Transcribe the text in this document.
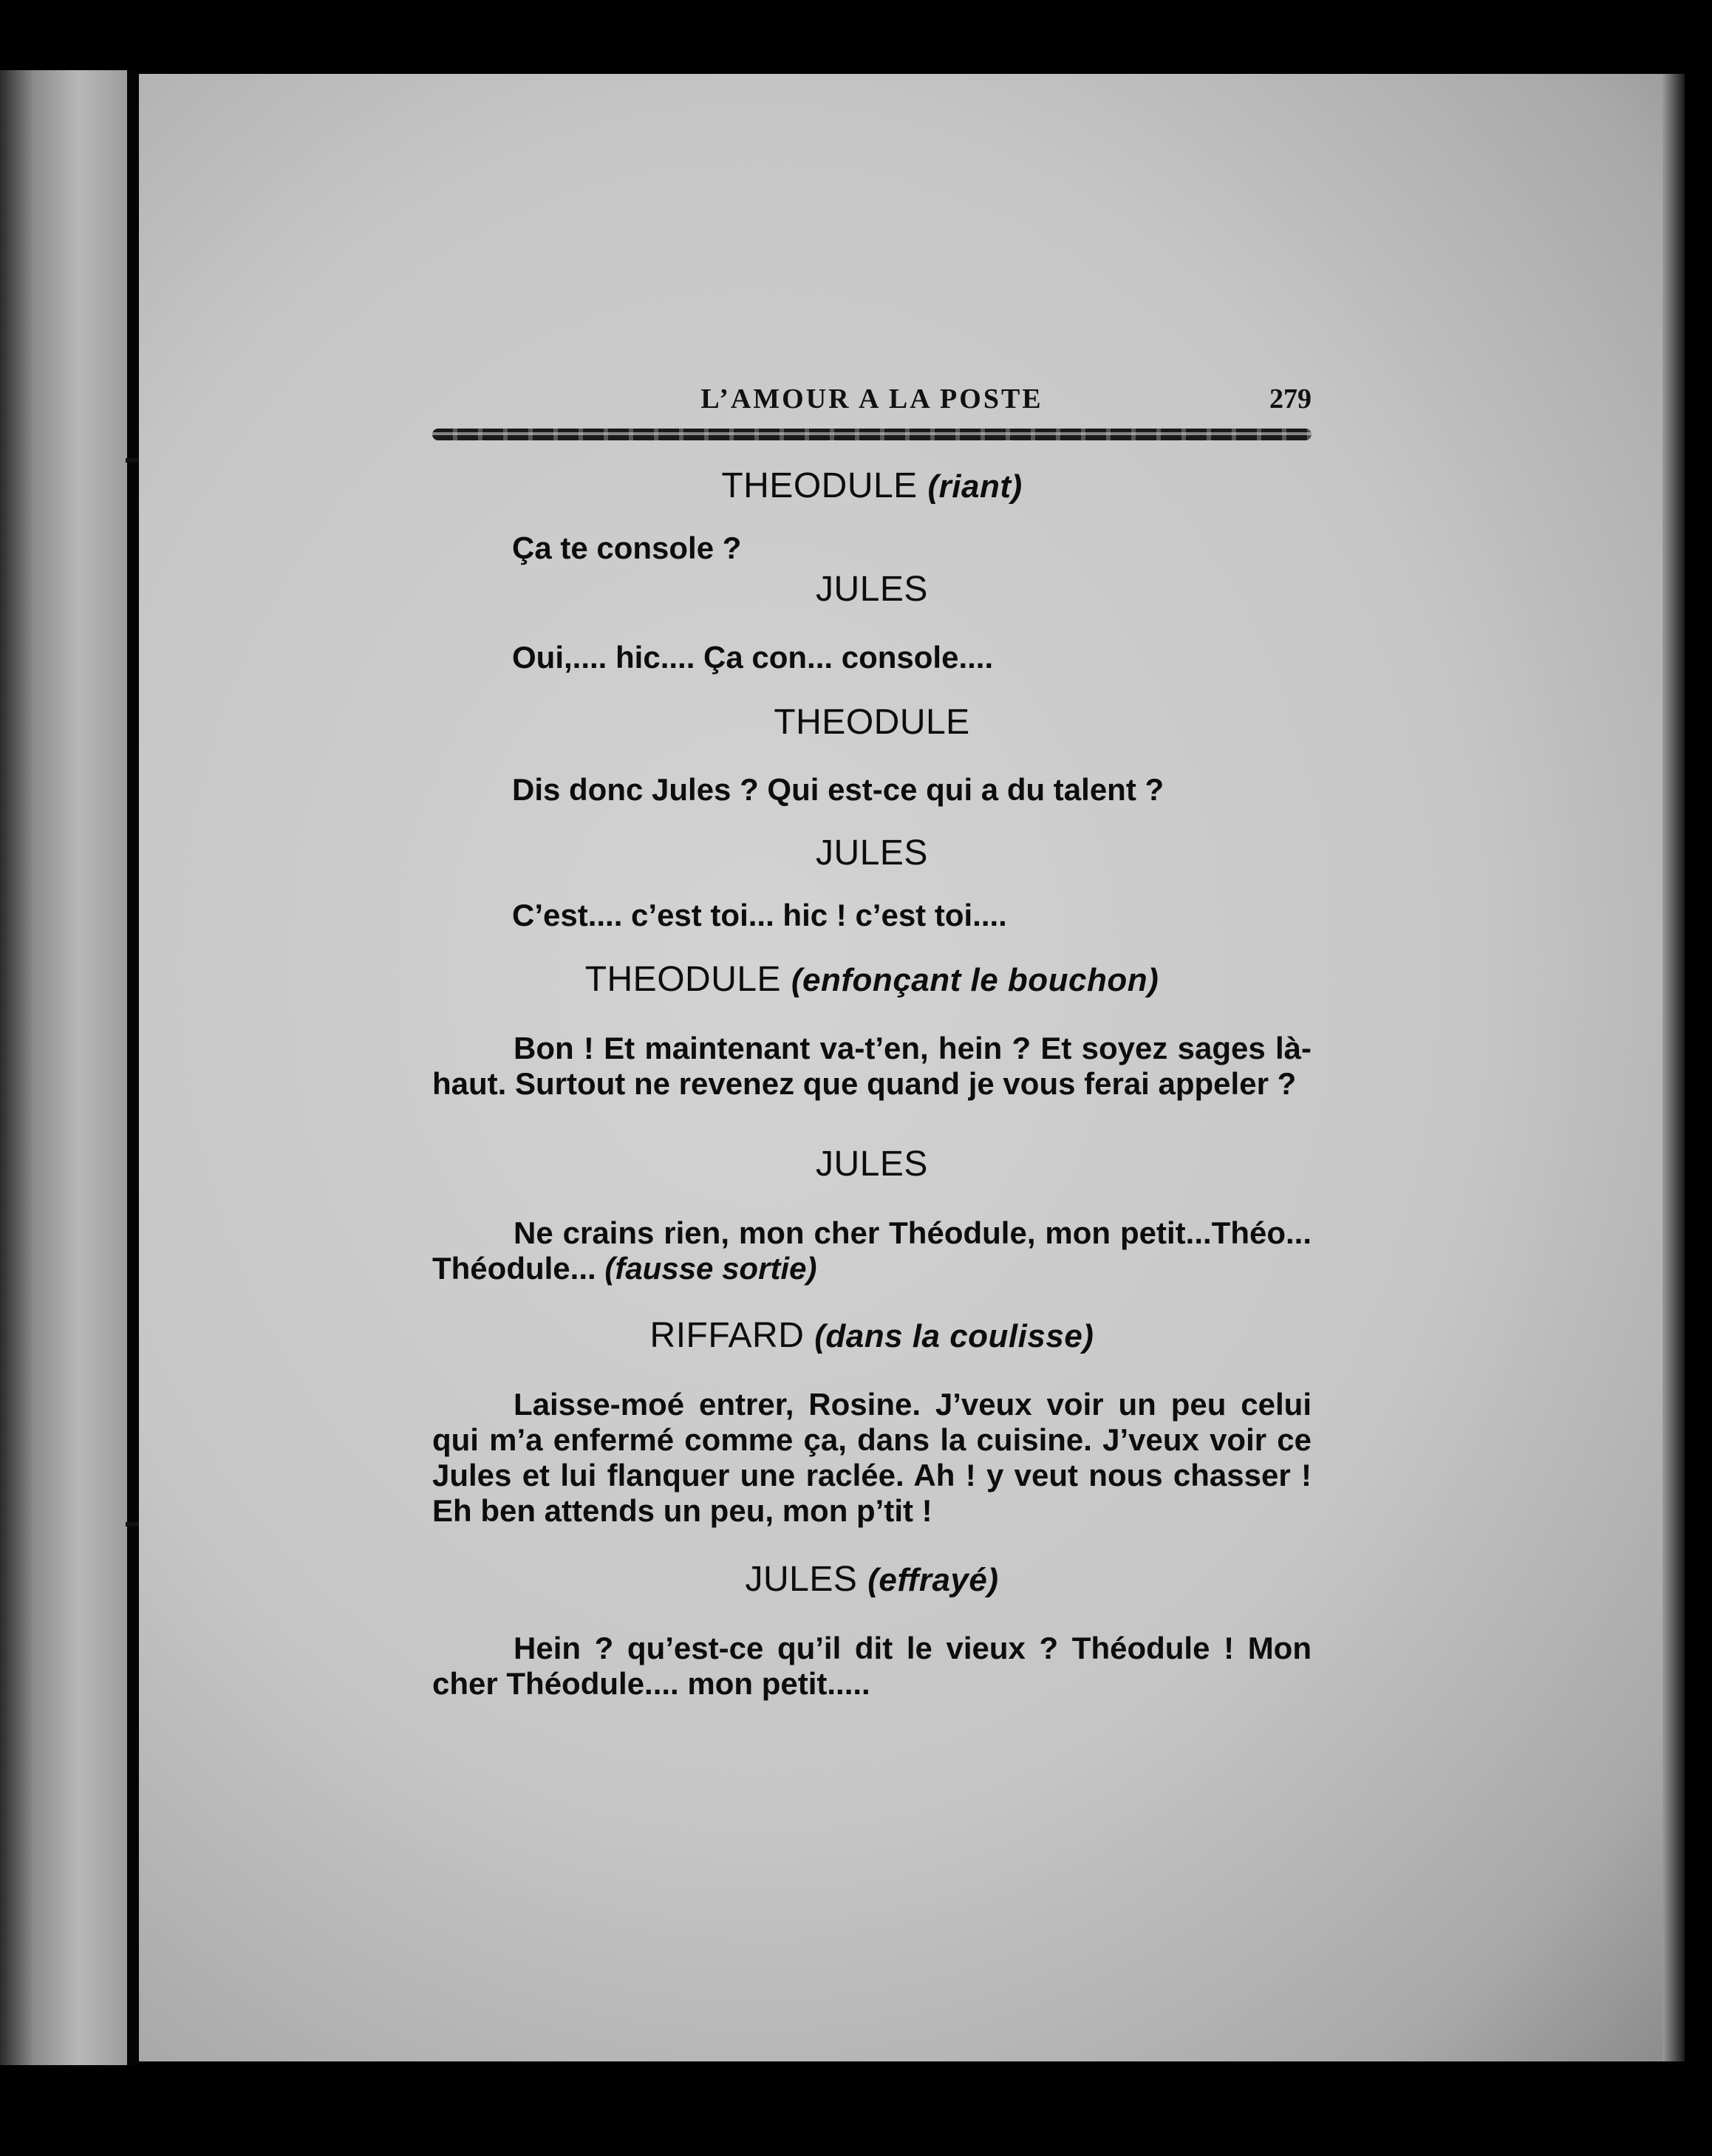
L’AMOUR A LA POSTE	279
THEODULE (riant)
Ça te console ?
JULES
Oui,.... hic.... Ça con... console....
THEODULE
Dis donc Jules ? Qui est-ce qui a du talent ?
JULES
C’est.... c’est toi... hic ! c’est toi....
THEODULE (enfonçant le bouchon)
Bon ! Et maintenant va-t’en, hein ? Et soyez sages là-haut. Surtout ne revenez que quand je vous ferai appeler ?
JULES
Ne crains rien, mon cher Théodule, mon petit...Théo... Théodule... (fausse sortie)
RIFFARD (dans la coulisse)
Laisse-moé entrer, Rosine. J’veux voir un peu celui qui m’a enfermé comme ça, dans la cuisine. J’veux voir ce Jules et lui flanquer une raclée. Ah ! y veut nous chasser ! Eh ben attends un peu, mon p’tit !
JULES (effrayé)
Hein ? qu’est-ce qu’il dit le vieux ? Théodule ! Mon cher Théodule.... mon petit.....
